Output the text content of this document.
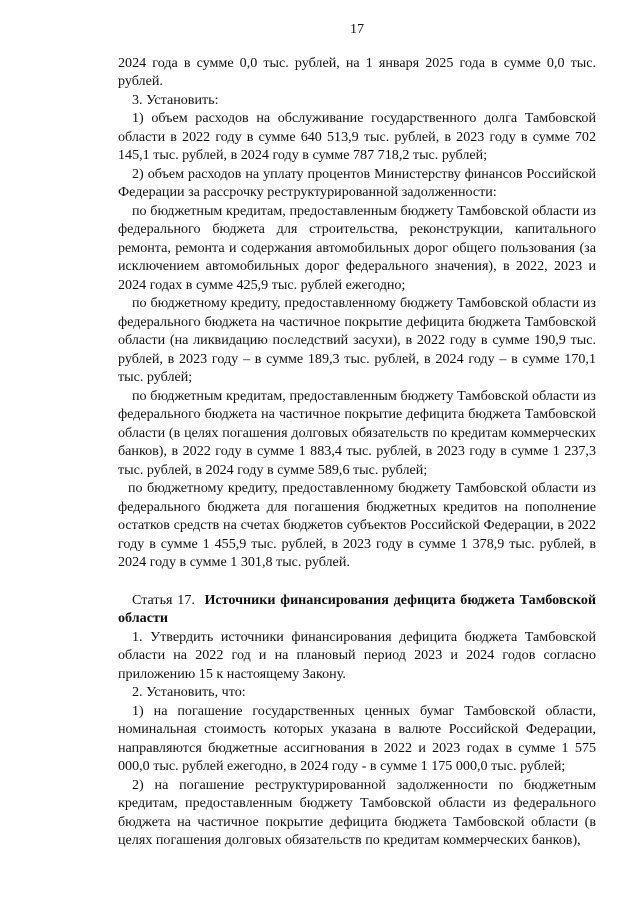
17

2024 года в сумме 0,0 тыс. рублей, на 1 января 2025 года в сумме 0,0 тыс. рублей.

3. Установить:

1) объем расходов на обслуживание государственного долга Тамбовской области в 2022 году в сумме 640 513,9 тыс. рублей, в 2023 году в сумме 702 145,1 тыс. рублей, в 2024 году в сумме 787 718,2 тыс. рублей;

2) объем расходов на уплату процентов Министерству финансов Российской Федерации за рассрочку реструктурированной задолженности:

по бюджетным кредитам, предоставленным бюджету Тамбовской области из федерального бюджета для строительства, реконструкции, капитального ремонта, ремонта и содержания автомобильных дорог общего пользования (за исключением автомобильных дорог федерального значения), в 2022, 2023 и 2024 годах в сумме 425,9 тыс. рублей ежегодно;

по бюджетному кредиту, предоставленному бюджету Тамбовской области из федерального бюджета на частичное покрытие дефицита бюджета Тамбовской области (на ликвидацию последствий засухи), в 2022 году в сумме 190,9 тыс. рублей, в 2023 году – в сумме 189,3 тыс. рублей, в 2024 году – в сумме 170,1 тыс. рублей;

по бюджетным кредитам, предоставленным бюджету Тамбовской области из федерального бюджета на частичное покрытие дефицита бюджета Тамбовской области (в целях погашения долговых обязательств по кредитам коммерческих банков), в 2022 году в сумме 1 883,4 тыс. рублей, в 2023 году в сумме 1 237,3 тыс. рублей, в 2024 году в сумме 589,6 тыс. рублей;

по бюджетному кредиту, предоставленному бюджету Тамбовской области из федерального бюджета для погашения бюджетных кредитов на пополнение остатков средств на счетах бюджетов субъектов Российской Федерации, в 2022 году в сумме 1 455,9 тыс. рублей, в 2023 году в сумме 1 378,9 тыс. рублей, в 2024 году в сумме 1 301,8 тыс. рублей.

Статья 17. Источники финансирования дефицита бюджета Тамбовской области

1. Утвердить источники финансирования дефицита бюджета Тамбовской области на 2022 год и на плановый период 2023 и 2024 годов согласно приложению 15 к настоящему Закону.

2. Установить, что:

1) на погашение государственных ценных бумаг Тамбовской области, номинальная стоимость которых указана в валюте Российской Федерации, направляются бюджетные ассигнования в 2022 и 2023 годах в сумме 1 575 000,0 тыс. рублей ежегодно, в 2024 году - в сумме 1 175 000,0 тыс. рублей;

2) на погашение реструктурированной задолженности по бюджетным кредитам, предоставленным бюджету Тамбовской области из федерального бюджета на частичное покрытие дефицита бюджета Тамбовской области (в целях погашения долговых обязательств по кредитам коммерческих банков),
